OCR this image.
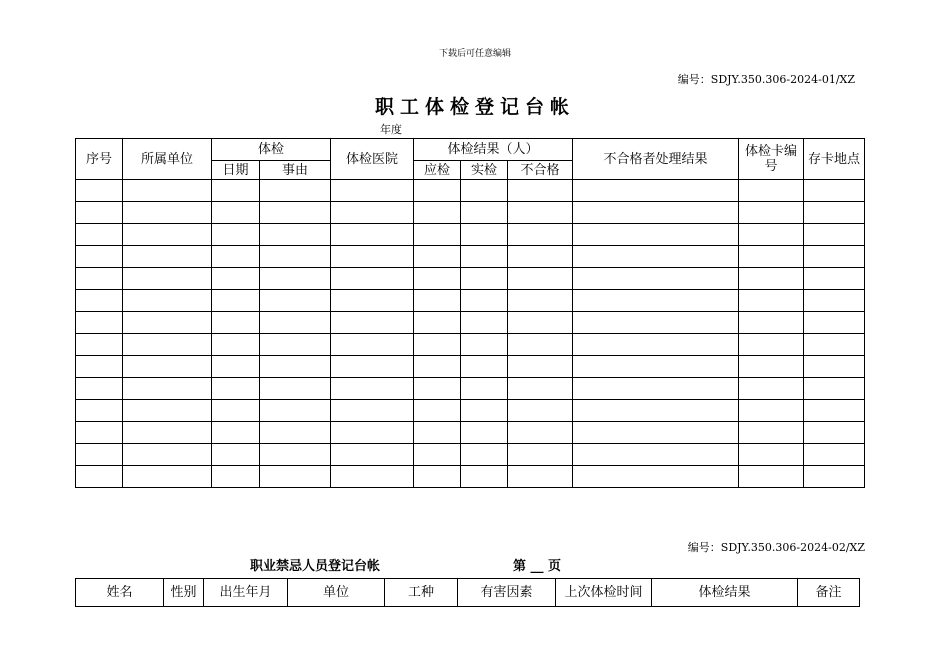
下载后可任意编辑
编号：SDJY.350.306-2024-01/XZ
职工体检登记台帐
年度
序号	所属单位	体检		体检医院	体检结果（人）			不合格者处理结果	体检卡编号	存卡地点
		日期	事由		应检	实检	不合格			

编号：SDJY.350.306-2024-02/XZ
职业禁忌人员登记台帐	第 __ 页
姓名	性别	出生年月	单位	工种	有害因素	上次体检时间	体检结果	备注
